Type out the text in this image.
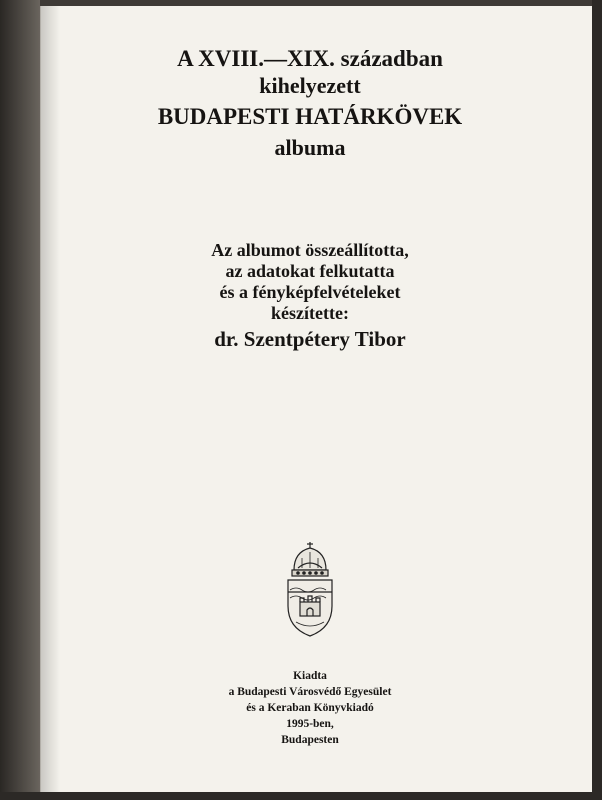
A XVIII.—XIX. században
kihelyezett
BUDAPESTI HATÁRKÖVEK
albuma
Az albumot összeállította,
az adatokat felkutatta
és a fényképfelvételeket
készítette:
dr. Szentpétery Tibor
Kiadta
a Budapesti Városvédő Egyesület
és a Keraban Könyvkiadó
1995-ben,
Budapesten
